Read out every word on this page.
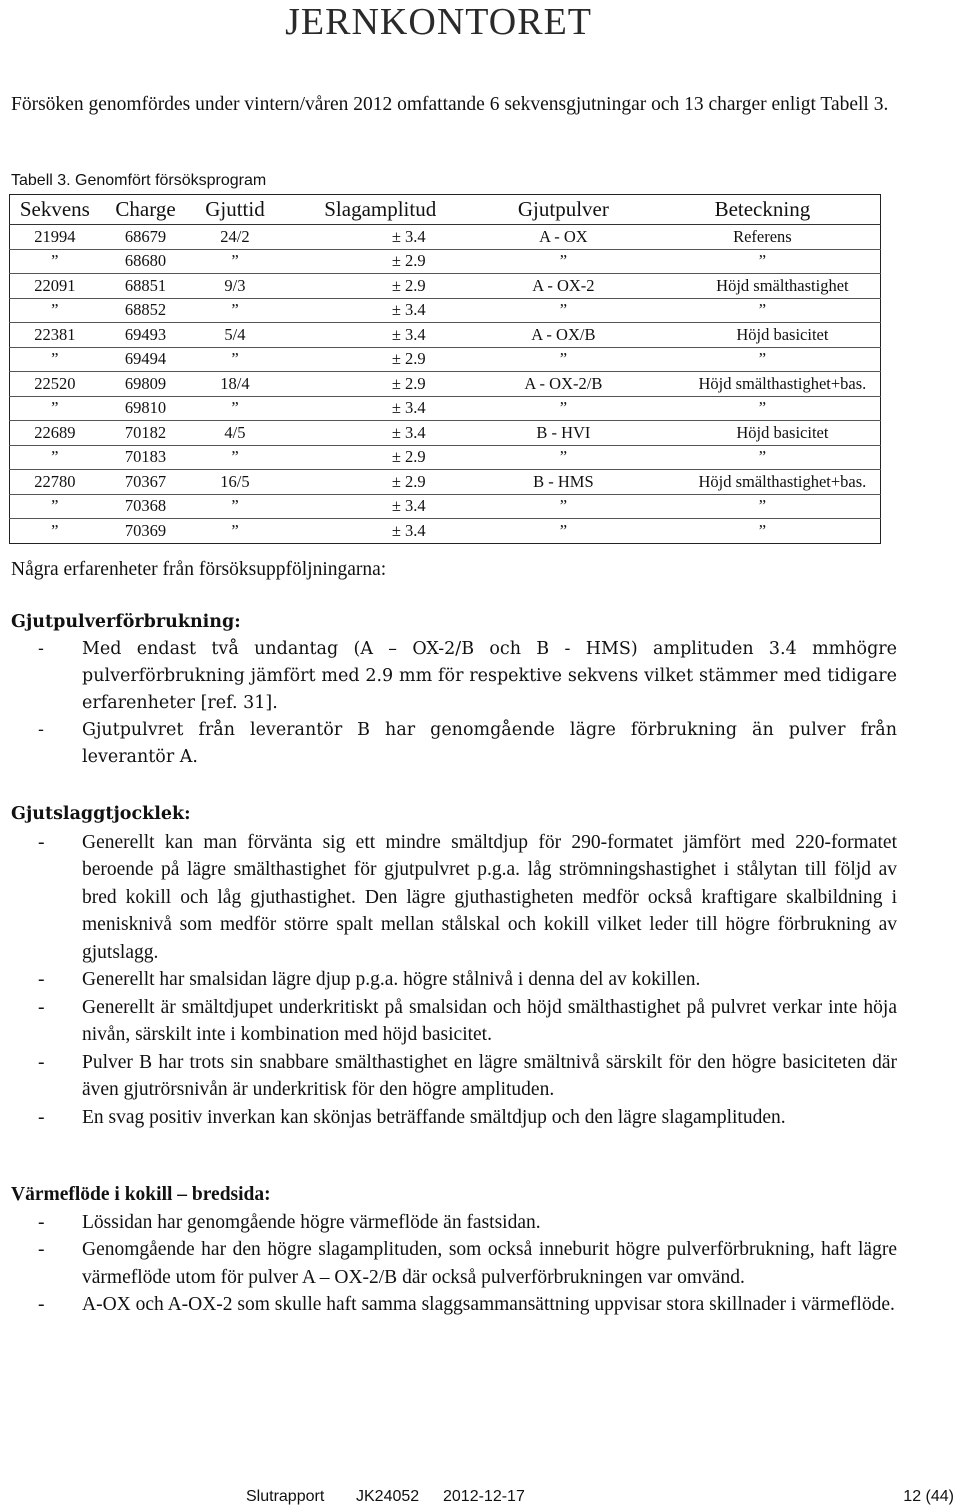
JERNKONTORET

Försöken genomfördes under vintern/våren 2012 omfattande 6 sekvensgjutningar och 13 charger enligt Tabell 3.

Tabell 3. Genomfört försöksprogram
Sekvens	Charge	Gjuttid	Slagamplitud	Gjutpulver	Beteckning
21994	68679	24/2	± 3.4	A - OX	Referens
”	68680	”	± 2.9	”	”
22091	68851	9/3	± 2.9	A - OX-2	Höjd smälthastighet
”	68852	”	± 3.4	”	”
22381	69493	5/4	± 3.4	A - OX/B	Höjd basicitet
”	69494	”	± 2.9	”	”
22520	69809	18/4	± 2.9	A - OX-2/B	Höjd smälthastighet+bas.
”	69810	”	± 3.4	”	”
22689	70182	4/5	± 3.4	B - HVI	Höjd basicitet
”	70183	”	± 2.9	”	”
22780	70367	16/5	± 2.9	B - HMS	Höjd smälthastighet+bas.
”	70368	”	± 3.4	”	”
”	70369	”	± 3.4	”	”
Några erfarenheter från försöksuppföljningarna:

Gjutpulverförbrukning:

- Med endast två undantag (A – OX-2/B och B - HMS) amplituden 3.4 mmhögre pulverförbrukning jämfört med 2.9 mm för respektive sekvens vilket stämmer med tidigare erfarenheter [ref. 31].
- Gjutpulvret från leverantör B har genomgående lägre förbrukning än pulver från leverantör A.

Gjutslaggtjocklek:

- Generellt kan man förvänta sig ett mindre smältdjup för 290-formatet jämfört med 220-formatet beroende på lägre smälthastighet för gjutpulvret p.g.a. låg strömningshastighet i stålytan till följd av bred kokill och låg gjuthastighet. Den lägre gjuthastigheten medför också kraftigare skalbildning i menisknivå som medför större spalt mellan stålskal och kokill vilket leder till högre förbrukning av gjutslagg.
- Generellt har smalsidan lägre djup p.g.a. högre stålnivå i denna del av kokillen.
- Generellt är smältdjupet underkritiskt på smalsidan och höjd smälthastighet på pulvret verkar inte höja nivån, särskilt inte i kombination med höjd basicitet.
- Pulver B har trots sin snabbare smälthastighet en lägre smältnivå särskilt för den högre basiciteten där även gjutrörsnivån är underkritisk för den högre amplituden.
- En svag positiv inverkan kan skönjas beträffande smältdjup och den lägre slagamplituden.

Värmeflöde i kokill – bredsida:

- Lössidan har genomgående högre värmeflöde än fastsidan.
- Genomgående har den högre slagamplituden, som också inneburit högre pulverförbrukning, haft lägre värmeflöde utom för pulver A – OX-2/B där också pulverförbrukningen var omvänd.
- A-OX och A-OX-2 som skulle haft samma slaggsammansättning uppvisar stora skillnader i värmeflöde.
Slutrapport JK24052 2012-12-17	12 (44)
